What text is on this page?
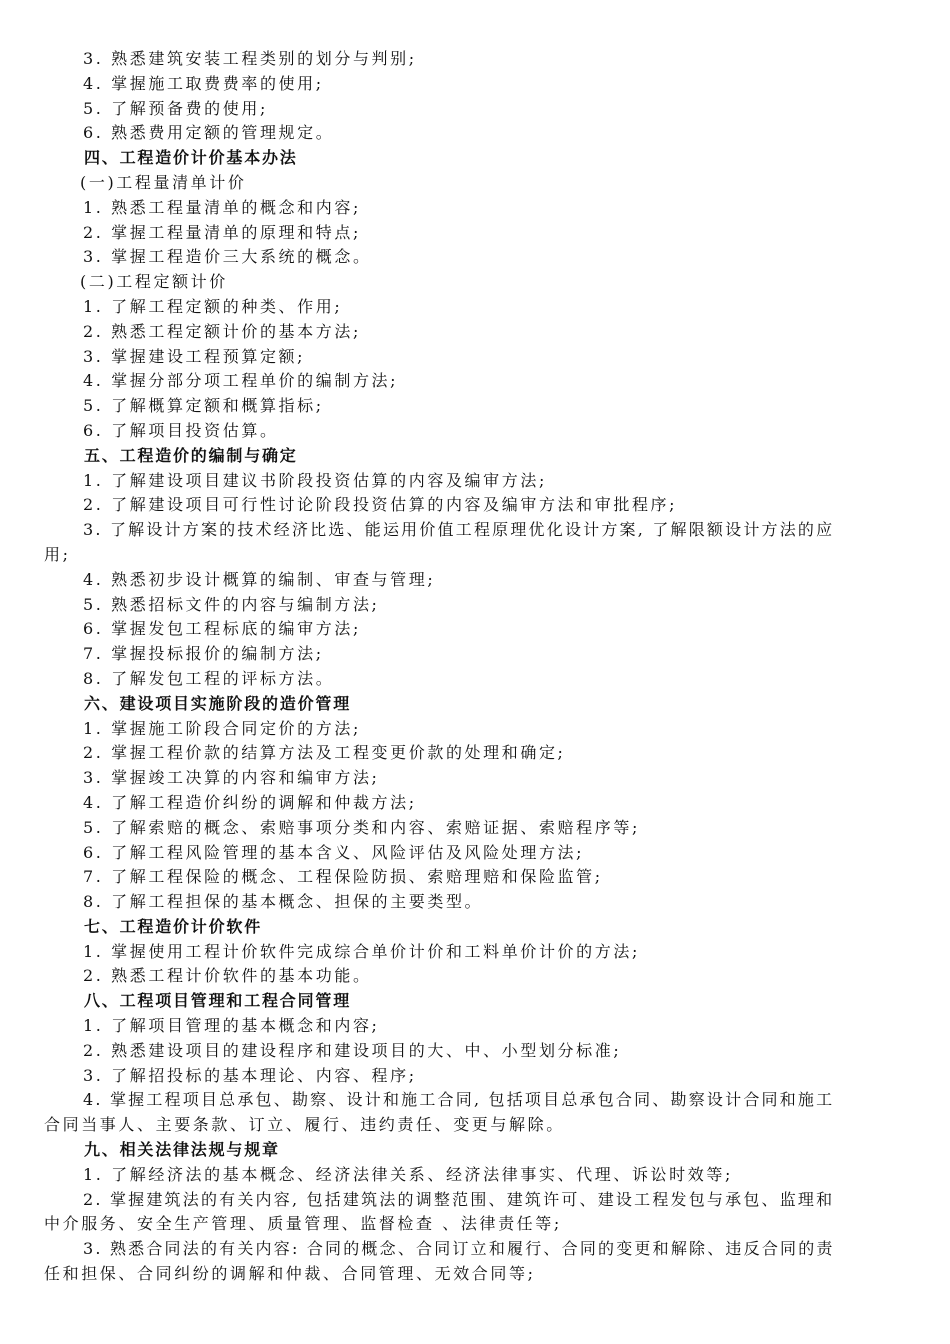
3. 熟悉建筑安装工程类别的划分与判别;
4. 掌握施工取费费率的使用;
5. 了解预备费的使用;
6. 熟悉费用定额的管理规定。
四、工程造价计价基本办法
(一)工程量清单计价
1. 熟悉工程量清单的概念和内容;
2. 掌握工程量清单的原理和特点;
3. 掌握工程造价三大系统的概念。
(二)工程定额计价
1. 了解工程定额的种类、作用;
2. 熟悉工程定额计价的基本方法;
3. 掌握建设工程预算定额;
4. 掌握分部分项工程单价的编制方法;
5. 了解概算定额和概算指标;
6. 了解项目投资估算。
五、工程造价的编制与确定
1. 了解建设项目建议书阶段投资估算的内容及编审方法;
2. 了解建设项目可行性讨论阶段投资估算的内容及编审方法和审批程序;
3. 了解设计方案的技术经济比选、能运用价值工程原理优化设计方案, 了解限额设计方法的应
用;
4. 熟悉初步设计概算的编制、审查与管理;
5. 熟悉招标文件的内容与编制方法;
6. 掌握发包工程标底的编审方法;
7. 掌握投标报价的编制方法;
8. 了解发包工程的评标方法。
六、建设项目实施阶段的造价管理
1. 掌握施工阶段合同定价的方法;
2. 掌握工程价款的结算方法及工程变更价款的处理和确定;
3. 掌握竣工决算的内容和编审方法;
4. 了解工程造价纠纷的调解和仲裁方法;
5. 了解索赔的概念、索赔事项分类和内容、索赔证据、索赔程序等;
6. 了解工程风险管理的基本含义、风险评估及风险处理方法;
7. 了解工程保险的概念、工程保险防损、索赔理赔和保险监管;
8. 了解工程担保的基本概念、担保的主要类型。
七、工程造价计价软件
1. 掌握使用工程计价软件完成综合单价计价和工料单价计价的方法;
2. 熟悉工程计价软件的基本功能。
八、工程项目管理和工程合同管理
1. 了解项目管理的基本概念和内容;
2. 熟悉建设项目的建设程序和建设项目的大、中、小型划分标准;
3. 了解招投标的基本理论、内容、程序;
4. 掌握工程项目总承包、勘察、设计和施工合同, 包括项目总承包合同、勘察设计合同和施工
合同当事人、主要条款、订立、履行、违约责任、变更与解除。
九、相关法律法规与规章
1. 了解经济法的基本概念、经济法律关系、经济法律事实、代理、诉讼时效等;
2. 掌握建筑法的有关内容, 包括建筑法的调整范围、建筑许可、建设工程发包与承包、监理和
中介服务、安全生产管理、质量管理、监督检查 、法律责任等;
3. 熟悉合同法的有关内容: 合同的概念、合同订立和履行、合同的变更和解除、违反合同的责
任和担保、合同纠纷的调解和仲裁、合同管理、无效合同等;
